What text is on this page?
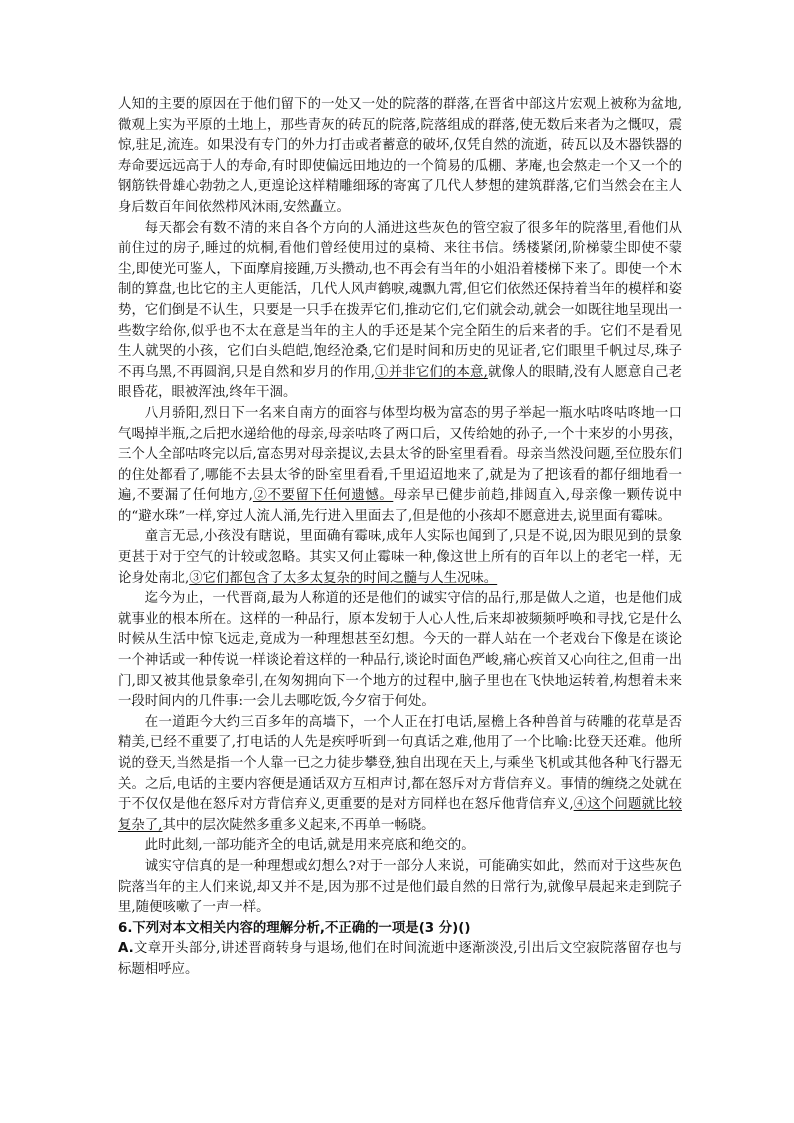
人知的主要的原因在于他们留下的一处又一处的院落的群落,在晋省中部这片宏观上被称为盆地,微观上实为平原的土地上，那些青灰的砖瓦的院落,院落组成的群落,使无数后来者为之慨叹，震惊,驻足,流连。如果没有专门的外力打击或者蓄意的破坏,仅凭自然的流逝，砖瓦以及木器铁器的寿命要远远高于人的寿命,有时即使偏远田地边的一个简易的瓜棚、茅庵,也会熬走一个又一个的钢筋铁骨雄心勃勃之人,更遑论这样精雕细琢的寄寓了几代人梦想的建筑群落,它们当然会在主人身后数百年间依然栉风沐雨,安然矗立。

每天都会有数不清的来自各个方向的人涌进这些灰色的管空寂了很多年的院落里,看他们从前住过的房子,睡过的炕桐,看他们曾经使用过的桌椅、来往书信。绣楼紧闭,阶梯蒙尘即使不蒙尘,即使光可鉴人，下面摩肩接踵,万头攒动,也不再会有当年的小姐沿着楼梯下来了。即使一个木制的算盘,也比它的主人更能活，几代人风声鹤唳,魂飘九霄,但它们依然还保持着当年的模样和姿势，它们倒是不认生，只要是一只手在拨弄它们,推动它们,它们就会动,就会一如既往地呈现出一些数字给你,似乎也不太在意是当年的主人的手还是某个完全陌生的后来者的手。它们不是看见生人就哭的小孩，它们白头皑皑,饱经沧桑,它们是时间和历史的见证者,它们眼里千帆过尽,珠子不再乌黑,不再圆润,只是自然和岁月的作用,①并非它们的本意,就像人的眼睛,没有人愿意自己老眼昏花，眼被浑浊,终年干涸。

八月骄阳,烈日下一名来自南方的面容与体型均极为富态的男子举起一瓶水咕咚咕咚地一口气喝掉半瓶,之后把水递给他的母亲,母亲咕咚了两口后，又传给她的孙子,一个十来岁的小男孩，三个人全部咕咚完以后,富态男对母亲提议,去县太爷的卧室里看看。母亲当然没问题,至位股东们的住处都看了,哪能不去县太爷的卧室里看看,千里迢迢地来了,就是为了把该看的都仔细地看一遍,不要漏了任何地方,②不要留下任何遗憾。母亲早已健步前趋,排闼直入,母亲像一颗传说中的“避水珠”一样,穿过人流人涌,先行进入里面去了,但是他的小孩却不愿意进去,说里面有霉味。

童言无忌,小孩没有瞎说，里面确有霉味,成年人实际也闻到了,只是不说,因为眼见到的景象更甚于对于空气的计较或忽略。其实又何止霉味一种,像这世上所有的百年以上的老宅一样，无论身处南北,③它们都包含了太多太复杂的时间之髓与人生况味。

迄今为止，一代晋商,最为人称道的还是他们的诚实守信的品行,那是做人之道，也是他们成就事业的根本所在。这样的一种品行，原本发轫于人心人性,后来却被频频呼唤和寻找,它是什么时候从生活中惊飞远走,竟成为一种理想甚至幻想。今天的一群人站在一个老戏台下像是在谈论一个神话或一种传说一样谈论着这样的一种品行,谈论时面色严峻,痛心疾首又心向往之,但甫一出门,即又被其他景象牵引,在匆匆拥向下一个地方的过程中,脑子里也在飞快地运转着,构想着未来一段时间内的几件事:一会儿去哪吃饭,今夕宿于何处。

在一道距今大约三百多年的高墙下，一个人正在打电话,屋檐上各种兽首与砖雕的花草是否精美,已经不重要了,打电话的人先是疾呼听到一句真话之难,他用了一个比喻:比登天还难。他所说的登天,当然是指一个人靠一已之力徒步攀登,独自出现在天上,与乘坐飞机或其他各种飞行器无关。之后,电话的主要内容便是通话双方互相声讨,都在怒斥对方背信弃义。事情的缠绕之处就在于不仅仅是他在怒斥对方背信弃义,更重要的是对方同样也在怒斥他背信弃义,④这个问题就比较复杂了,其中的层次陡然多重多义起来,不再单一畅晓。

此时此刻,一部功能齐全的电话,就是用来亮底和绝交的。

诚实守信真的是一种理想或幻想么?对于一部分人来说，可能确实如此，然而对于这些灰色院落当年的主人们来说,却又并不是,因为那不过是他们最自然的日常行为,就像早晨起来走到院子里,随便咳嗽了一声一样。

6.下列对本文相关内容的理解分析,不正确的一项是(3 分)()

A.文章开头部分,讲述晋商转身与退场,他们在时间流逝中逐渐淡没,引出后文空寂院落留存也与标题相呼应。
